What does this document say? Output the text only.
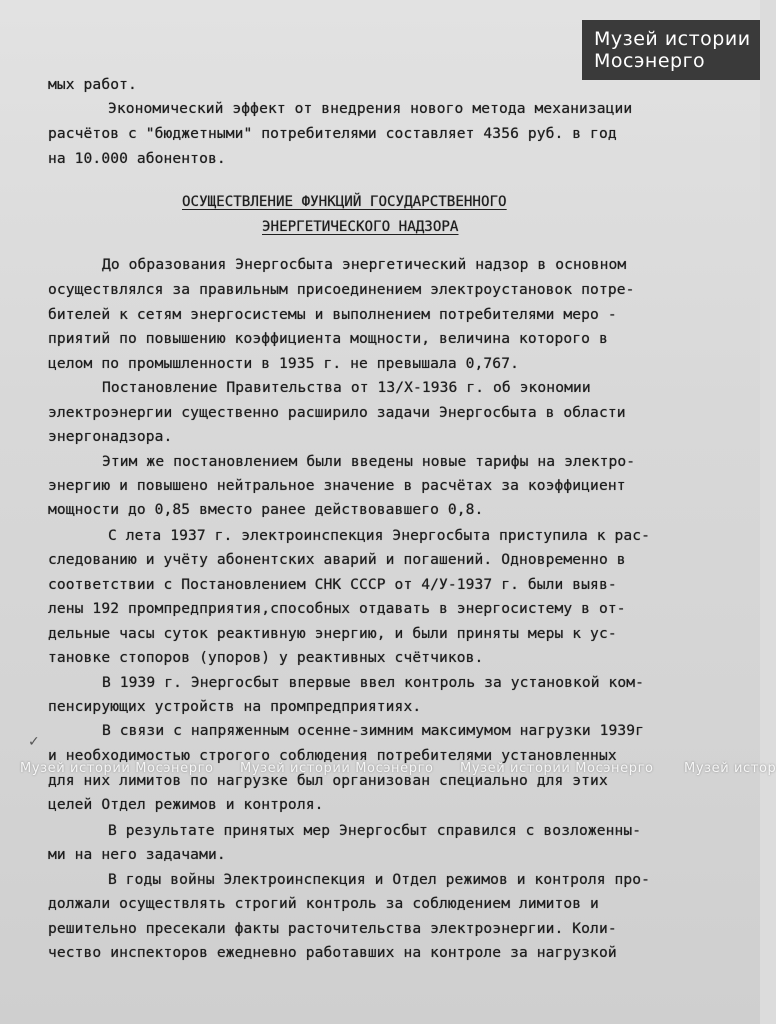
Музей истории
Мосэнерго
мых работ.
Экономический эффект от внедрения нового метода механизации
расчётов с "бюджетными" потребителями составляет 4356 руб. в год
на 10.000 абонентов.
ОСУЩЕСТВЛЕНИЕ ФУНКЦИЙ ГОСУДАРСТВЕННОГО
ЭНЕРГЕТИЧЕСКОГО НАДЗОРА
До образования Энергосбыта энергетический надзор в основном
осуществлялся за правильным присоединением электроустановок потре-
бителей к сетям энергосистемы и выполнением потребителями меро -
приятий по повышению коэффициента мощности, величина которого в
целом по промышленности в 1935 г. не превышала 0,767.
Постановление Правительства от 13/Х-1936 г. об экономии
электроэнергии существенно расширило задачи Энергосбыта в области
энергонадзора.
Этим же постановлением были введены новые тарифы на электро-
энергию и повышено нейтральное значение в расчётах за коэффициент
мощности до 0,85 вместо ранее действовавшего 0,8.
С лета 1937 г. электроинспекция Энергосбыта приступила к рас-
следованию и учёту абонентских аварий и погашений. Одновременно в
соответствии с Постановлением СНК СССР от 4/У-1937 г. были выяв-
лены 192 промпредприятия,способных отдавать в энергосистему в от-
дельные часы суток реактивную энергию, и были приняты меры к ус-
тановке стопоров (упоров) у реактивных счётчиков.
В 1939 г. Энергосбыт впервые ввел контроль за установкой ком-
пенсирующих устройств на промпредприятиях.
В связи с напряженным осенне-зимним максимумом нагрузки 1939г
и необходимостью строгого соблюдения потребителями установленных
для них лимитов по нагрузке был организован специально для этих
целей Отдел режимов и контроля.
В результате принятых мер Энергосбыт справился с возложенны-
ми на него задачами.
В годы войны Электроинспекция и Отдел режимов и контроля про-
должали осуществлять строгий контроль за соблюдением лимитов и
решительно пресекали факты расточительства электроэнергии. Коли-
чество инспекторов ежедневно работавших на контроле за нагрузкой
✓
Музей истории Мосэнерго Музей истории Мосэнерго Музей истории Мосэнерго Музей истор
